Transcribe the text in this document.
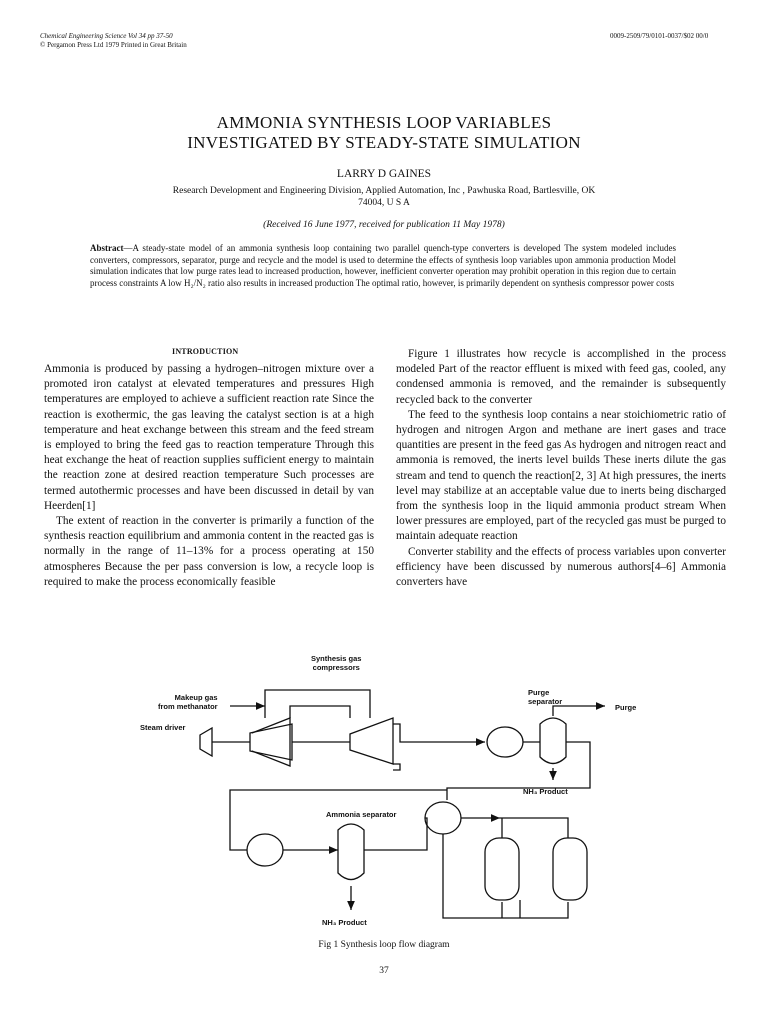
Chemical Engineering Science Vol 34 pp 37-50
© Pergamon Press Ltd 1979 Printed in Great Britain
0009-2509/79/0101-0037/$02 00/0
AMMONIA SYNTHESIS LOOP VARIABLES
INVESTIGATED BY STEADY-STATE SIMULATION
LARRY D GAINES
Research Development and Engineering Division, Applied Automation, Inc , Pawhuska Road, Bartlesville, OK
74004, U S A
(Received 16 June 1977, received for publication 11 May 1978)
Abstract—A steady-state model of an ammonia synthesis loop containing two parallel quench-type converters is developed The system modeled includes converters, compressors, separator, purge and recycle and the model is used to determine the effects of synthesis loop variables upon ammonia production Model simulation indicates that low purge rates lead to increased production, however, inefficient converter operation may prohibit operation in this region due to certain process constraints A low H₂/N₂ ratio also results in increased production The optimal ratio, however, is primarily dependent on synthesis compressor power costs
INTRODUCTION

Ammonia is produced by passing a hydrogen–nitrogen mixture over a promoted iron catalyst at elevated temperatures and pressures High temperatures are employed to achieve a sufficient reaction rate Since the reaction is exothermic, the gas leaving the catalyst section is at a high temperature and heat exchange between this stream and the feed stream is employed to bring the feed gas to reaction temperature Through this heat exchange the heat of reaction supplies sufficient energy to maintain the reaction zone at desired reaction temperature Such processes are termed autothermic processes and have been discussed in detail by van Heerden[1]

The extent of reaction in the converter is primarily a function of the synthesis reaction equilibrium and ammonia content in the reacted gas is normally in the range of 11–13% for a process operating at 150 atmospheres Because the per pass conversion is low, a recycle loop is required to make the process economically feasible

Figure 1 illustrates how recycle is accomplished in the process modeled Part of the reactor effluent is mixed with feed gas, cooled, any condensed ammonia is removed, and the remainder is subsequently recycled back to the converter

The feed to the synthesis loop contains a near stoichiometric ratio of hydrogen and nitrogen Argon and methane are inert gases and trace quantities are present in the feed gas As hydrogen and nitrogen react and ammonia is removed, the inerts level builds These inerts dilute the gas stream and tend to quench the reaction[2, 3] At high pressures, the inerts level may stabilize at an acceptable value due to inerts being discharged from the synthesis loop in the liquid ammonia product stream When lower pressures are employed, part of the recycled gas must be purged to maintain adequate reaction

Converter stability and the effects of process variables upon converter efficiency have been discussed by numerous authors[4–6] Ammonia converters have

Synthesis gas
compressors
Makeup gas
from methanator
Steam driver
Purge
separator
Purge
NH₃ Product
Ammonia separator
NH₃ Product
Fig 1 Synthesis loop flow diagram
37
